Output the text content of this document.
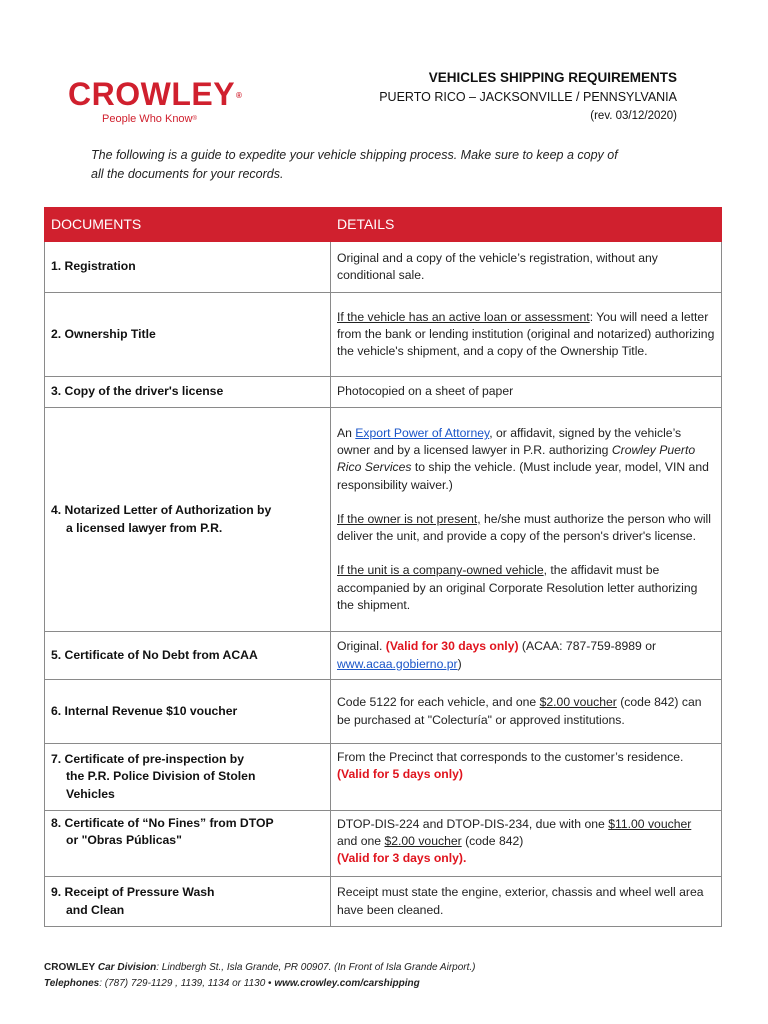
CROWLEY®
People Who Know®
VEHICLES SHIPPING REQUIREMENTS
PUERTO RICO – JACKSONVILLE / PENNSYLVANIA
(rev. 03/12/2020)
The following is a guide to expedite your vehicle shipping process. Make sure to keep a copy of
all the documents for your records.
DOCUMENTS	DETAILS
1. Registration	Original and a copy of the vehicle’s registration, without any conditional sale.
2. Ownership Title	If the vehicle has an active loan or assessment: You will need a letter from the bank or lending institution (original and notarized) authorizing the vehicle's shipment, and a copy of the Ownership Title.
3. Copy of the driver's license	Photocopied on a sheet of paper
4. Notarized Letter of Authorization by
a licensed lawyer from P.R.	An Export Power of Attorney, or affidavit, signed by the vehicle’s owner and by a licensed lawyer in P.R. authorizing Crowley Puerto Rico Services to ship the vehicle. (Must include year, model, VIN and responsibility waiver.)
If the owner is not present, he/she must authorize the person who will deliver the unit, and provide a copy of the person's driver's license.
If the unit is a company-owned vehicle, the affidavit must be accompanied by an original Corporate Resolution letter authorizing the shipment.
5. Certificate of No Debt from ACAA	Original. (Valid for 30 days only) (ACAA: 787-759-8989 or www.acaa.gobierno.pr)
6. Internal Revenue $10 voucher	Code 5122 for each vehicle, and one $2.00 voucher (code 842) can be purchased at "Colecturía" or approved institutions.
7. Certificate of pre-inspection by
the P.R. Police Division of Stolen
Vehicles	From the Precinct that corresponds to the customer’s residence. (Valid for 5 days only)
8. Certificate of “No Fines” from DTOP
or "Obras Públicas"	DTOP-DIS-224 and DTOP-DIS-234, due with one $11.00 voucher and one $2.00 voucher (code 842)
(Valid for 3 days only).
9. Receipt of Pressure Wash
and Clean	Receipt must state the engine, exterior, chassis and wheel well area have been cleaned.
CROWLEY Car Division: Lindbergh St., Isla Grande, PR 00907. (In Front of Isla Grande Airport.)
Telephones: (787) 729-1129 , 1139, 1134 or 1130 • www.crowley.com/carshipping
